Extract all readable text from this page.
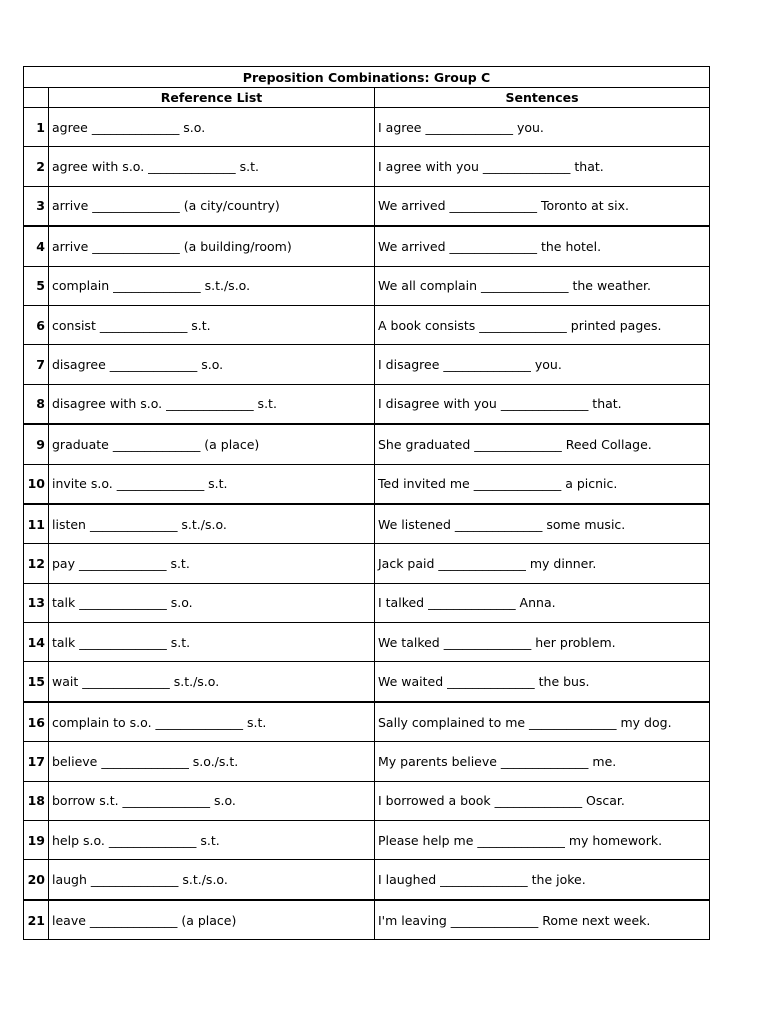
Preposition Combinations: Group C		
	Reference List	Sentences
1	agree ______________ s.o.	I agree ______________ you.
2	agree with s.o. ______________ s.t.	I agree with you ______________ that.
3	arrive ______________ (a city/country)	We arrived ______________ Toronto at six.
4	arrive ______________ (a building/room)	We arrived ______________ the hotel.
5	complain ______________ s.t./s.o.	We all complain ______________ the weather.
6	consist ______________ s.t.	A book consists ______________ printed pages.
7	disagree ______________ s.o.	I disagree ______________ you.
8	disagree with s.o. ______________ s.t.	I disagree with you ______________ that.
9	graduate ______________ (a place)	She graduated ______________ Reed Collage.
10	invite s.o. ______________ s.t.	Ted invited me ______________ a picnic.
11	listen ______________ s.t./s.o.	We listened ______________ some music.
12	pay ______________ s.t.	Jack paid ______________ my dinner.
13	talk ______________ s.o.	I talked ______________ Anna.
14	talk ______________ s.t.	We talked ______________ her problem.
15	wait ______________ s.t./s.o.	We waited ______________ the bus.
16	complain to s.o. ______________ s.t.	Sally complained to me ______________ my dog.
17	believe ______________ s.o./s.t.	My parents believe ______________ me.
18	borrow s.t. ______________ s.o.	I borrowed a book ______________ Oscar.
19	help s.o. ______________ s.t.	Please help me ______________ my homework.
20	laugh ______________ s.t./s.o.	I laughed ______________ the joke.
21	leave ______________ (a place)	I'm leaving ______________ Rome next week.
